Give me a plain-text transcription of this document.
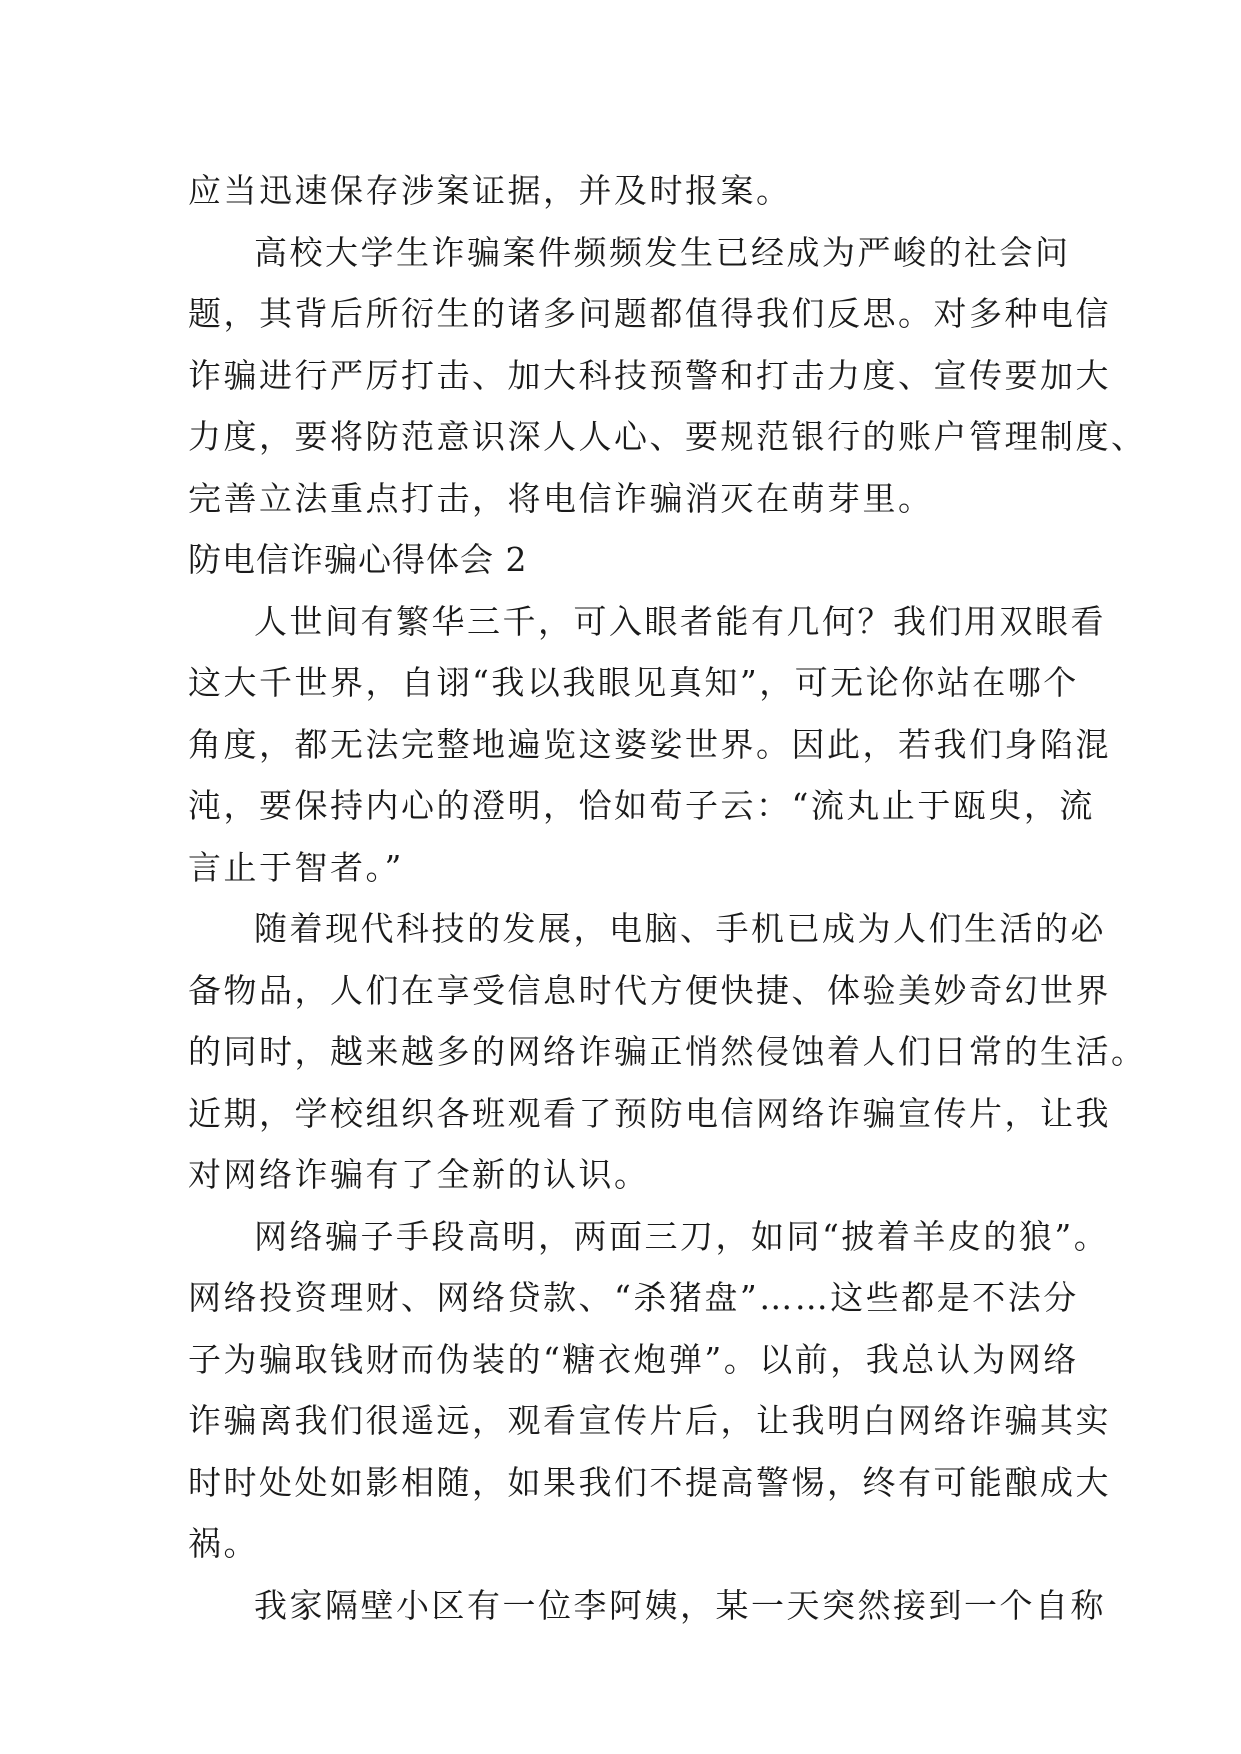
应当迅速保存涉案证据，并及时报案。
高校大学生诈骗案件频频发生已经成为严峻的社会问
题，其背后所衍生的诸多问题都值得我们反思。对多种电信
诈骗进行严厉打击、加大科技预警和打击力度、宣传要加大
力度，要将防范意识深人人心、要规范银行的账户管理制度、
完善立法重点打击，将电信诈骗消灭在萌芽里。
防电信诈骗心得体会 2
人世间有繁华三千，可入眼者能有几何？我们用双眼看
这大千世界，自诩“我以我眼见真知”，可无论你站在哪个
角度，都无法完整地遍览这婆娑世界。因此，若我们身陷混
沌，要保持内心的澄明，恰如荀子云：“流丸止于瓯臾，流
言止于智者。”
随着现代科技的发展，电脑、手机已成为人们生活的必
备物品，人们在享受信息时代方便快捷、体验美妙奇幻世界
的同时，越来越多的网络诈骗正悄然侵蚀着人们日常的生活。
近期，学校组织各班观看了预防电信网络诈骗宣传片，让我
对网络诈骗有了全新的认识。
网络骗子手段高明，两面三刀，如同“披着羊皮的狼”。
网络投资理财、网络贷款、“杀猪盘”……这些都是不法分
子为骗取钱财而伪装的“糖衣炮弹”。以前，我总认为网络
诈骗离我们很遥远，观看宣传片后，让我明白网络诈骗其实
时时处处如影相随，如果我们不提高警惕，终有可能酿成大
祸。
我家隔壁小区有一位李阿姨，某一天突然接到一个自称
